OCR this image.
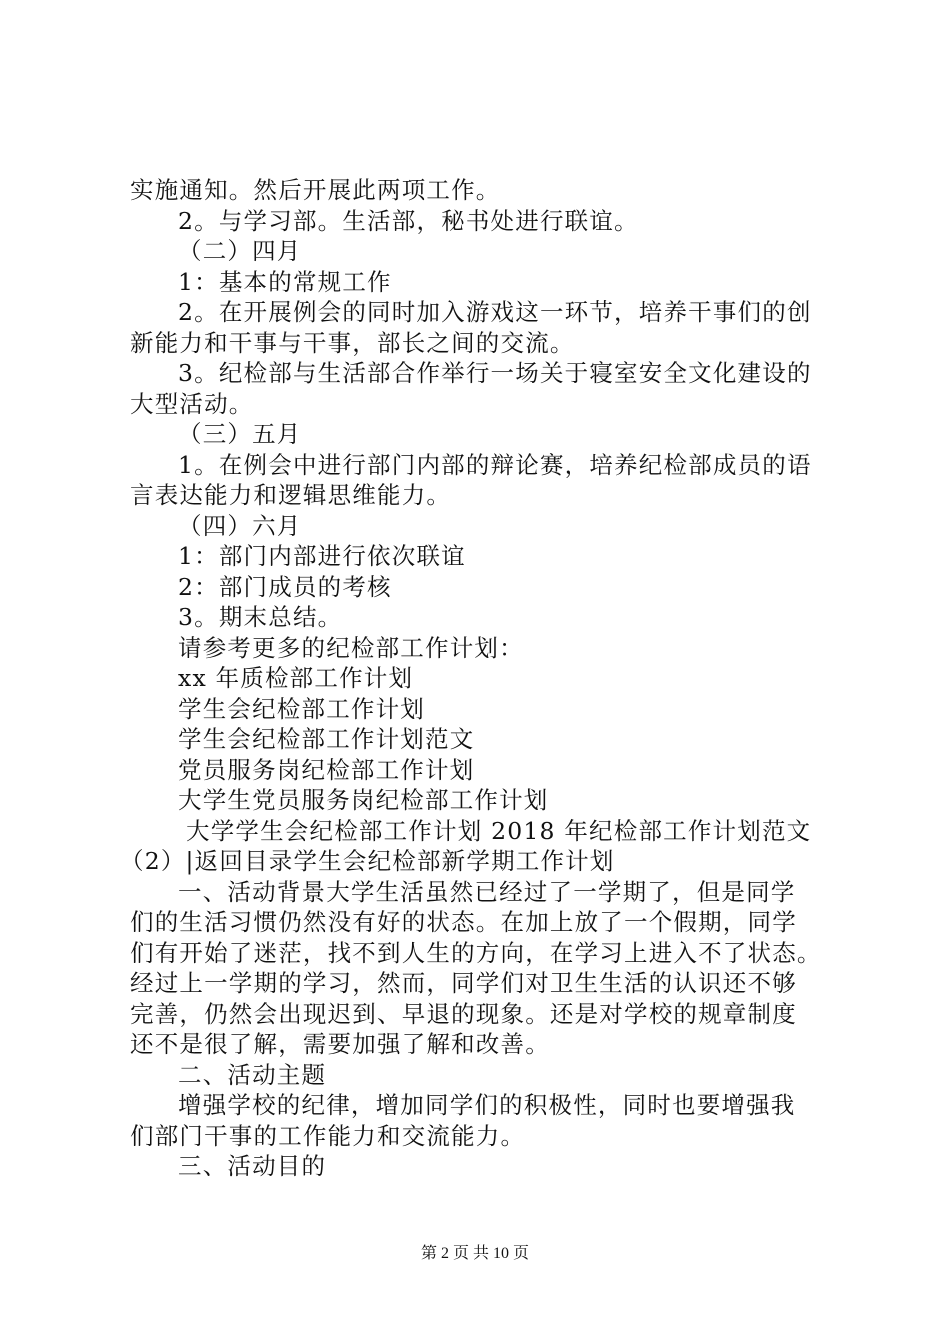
实施通知。然后开展此两项工作。
2。与学习部。生活部，秘书处进行联谊。
（二）四月
1：基本的常规工作
2。在开展例会的同时加入游戏这一环节，培养干事们的创
新能力和干事与干事，部长之间的交流。
3。纪检部与生活部合作举行一场关于寝室安全文化建设的
大型活动。
（三）五月
1。在例会中进行部门内部的辩论赛，培养纪检部成员的语
言表达能力和逻辑思维能力。
（四）六月
1：部门内部进行依次联谊
2：部门成员的考核
3。期末总结。
请参考更多的纪检部工作计划：
xx 年质检部工作计划
学生会纪检部工作计划
学生会纪检部工作计划范文
党员服务岗纪检部工作计划
大学生党员服务岗纪检部工作计划
大学学生会纪检部工作计划 2018 年纪检部工作计划范文
（2）|返回目录学生会纪检部新学期工作计划
一、活动背景大学生活虽然已经过了一学期了，但是同学
们的生活习惯仍然没有好的状态。在加上放了一个假期，同学
们有开始了迷茫，找不到人生的方向，在学习上进入不了状态。
经过上一学期的学习，然而，同学们对卫生生活的认识还不够
完善，仍然会出现迟到、早退的现象。还是对学校的规章制度
还不是很了解，需要加强了解和改善。
二、活动主题
增强学校的纪律，增加同学们的积极性，同时也要增强我
们部门干事的工作能力和交流能力。
三、活动目的
第 2 页 共 10 页
